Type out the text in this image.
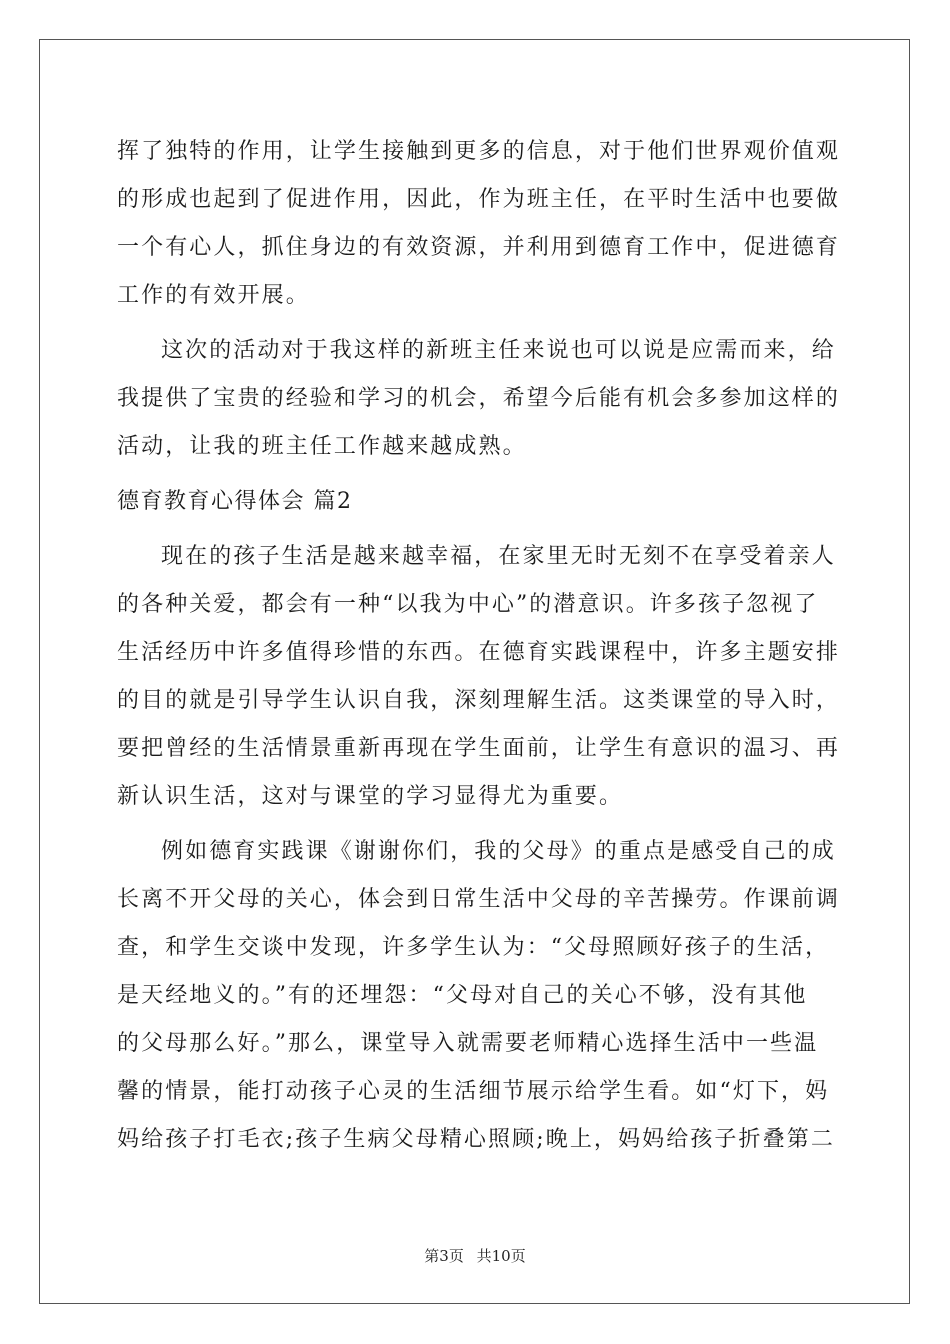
挥了独特的作用，让学生接触到更多的信息，对于他们世界观价值观
的形成也起到了促进作用，因此，作为班主任，在平时生活中也要做
一个有心人，抓住身边的有效资源，并利用到德育工作中，促进德育
工作的有效开展。
这次的活动对于我这样的新班主任来说也可以说是应需而来，给
我提供了宝贵的经验和学习的机会，希望今后能有机会多参加这样的
活动，让我的班主任工作越来越成熟。
德育教育心得体会 篇2
现在的孩子生活是越来越幸福，在家里无时无刻不在享受着亲人
的各种关爱，都会有一种“以我为中心”的潜意识。许多孩子忽视了
生活经历中许多值得珍惜的东西。在德育实践课程中，许多主题安排
的目的就是引导学生认识自我，深刻理解生活。这类课堂的导入时，
要把曾经的生活情景重新再现在学生面前，让学生有意识的温习、再
新认识生活，这对与课堂的学习显得尤为重要。
例如德育实践课《谢谢你们，我的父母》的重点是感受自己的成
长离不开父母的关心，体会到日常生活中父母的辛苦操劳。作课前调
查，和学生交谈中发现，许多学生认为：“父母照顾好孩子的生活，
是天经地义的。”有的还埋怨：“父母对自己的关心不够，没有其他
的父母那么好。”那么，课堂导入就需要老师精心选择生活中一些温
馨的情景，能打动孩子心灵的生活细节展示给学生看。如“灯下，妈
妈给孩子打毛衣;孩子生病父母精心照顾;晚上，妈妈给孩子折叠第二
第3页 共10页
